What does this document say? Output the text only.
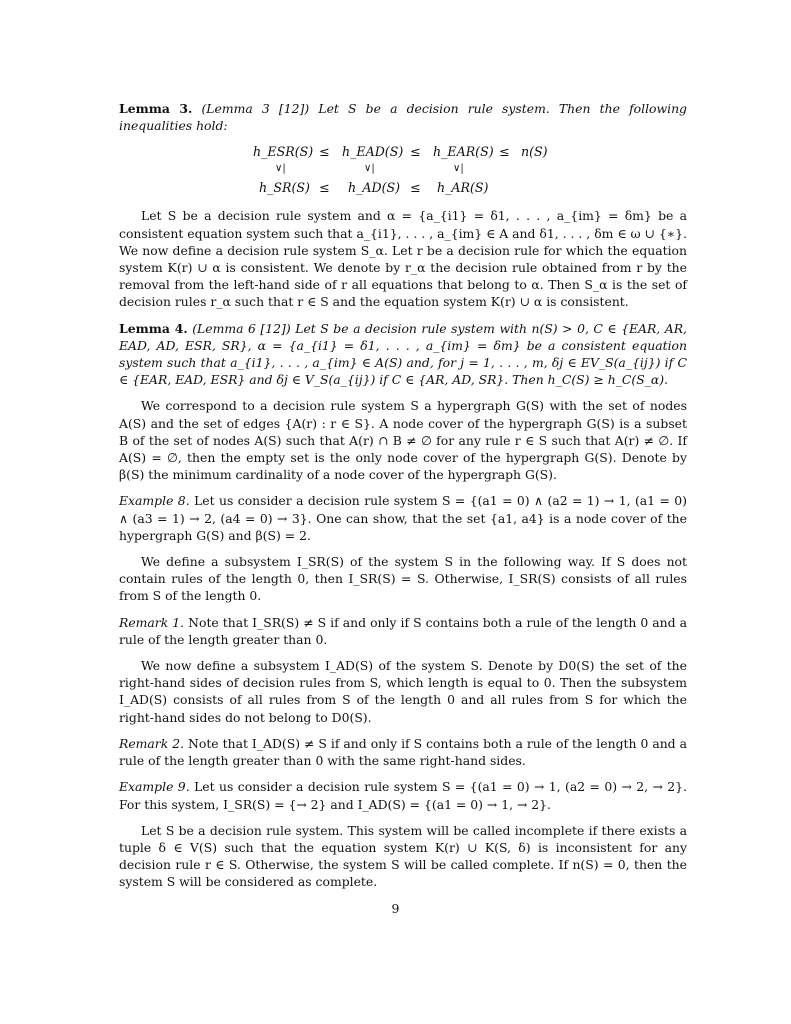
Lemma 3. (Lemma 3 [12]) Let S be a decision rule system. Then the following inequalities hold:

h_ESR(S) ≤ h_EAD(S) ≤ h_EAR(S) ≤ n(S)
∨|	∨|	∨|
h_SR(S) ≤ h_AD(S) ≤ h_AR(S)

Let S be a decision rule system and α = {a_{i1} = δ1, . . . , a_{im} = δm} be a consistent equation system such that a_{i1}, . . . , a_{im} ∈ A and δ1, . . . , δm ∈ ω ∪ {∗}. We now define a decision rule system S_α. Let r be a decision rule for which the equation system K(r) ∪ α is consistent. We denote by r_α the decision rule obtained from r by the removal from the left-hand side of r all equations that belong to α. Then S_α is the set of decision rules r_α such that r ∈ S and the equation system K(r) ∪ α is consistent.

Lemma 4. (Lemma 6 [12]) Let S be a decision rule system with n(S) > 0, C ∈ {EAR, AR, EAD, AD, ESR, SR}, α = {a_{i1} = δ1, . . . , a_{im} = δm} be a consistent equation system such that a_{i1}, . . . , a_{im} ∈ A(S) and, for j = 1, . . . , m, δj ∈ EV_S(a_{ij}) if C ∈ {EAR, EAD, ESR} and δj ∈ V_S(a_{ij}) if C ∈ {AR, AD, SR}. Then h_C(S) ≥ h_C(S_α).

We correspond to a decision rule system S a hypergraph G(S) with the set of nodes A(S) and the set of edges {A(r) : r ∈ S}. A node cover of the hypergraph G(S) is a subset B of the set of nodes A(S) such that A(r) ∩ B ≠ ∅ for any rule r ∈ S such that A(r) ≠ ∅. If A(S) = ∅, then the empty set is the only node cover of the hypergraph G(S). Denote by β(S) the minimum cardinality of a node cover of the hypergraph G(S).

Example 8. Let us consider a decision rule system S = {(a1 = 0) ∧ (a2 = 1) → 1, (a1 = 0) ∧ (a3 = 1) → 2, (a4 = 0) → 3}. One can show, that the set {a1, a4} is a node cover of the hypergraph G(S) and β(S) = 2.

We define a subsystem I_SR(S) of the system S in the following way. If S does not contain rules of the length 0, then I_SR(S) = S. Otherwise, I_SR(S) consists of all rules from S of the length 0.

Remark 1. Note that I_SR(S) ≠ S if and only if S contains both a rule of the length 0 and a rule of the length greater than 0.

We now define a subsystem I_AD(S) of the system S. Denote by D0(S) the set of the right-hand sides of decision rules from S, which length is equal to 0. Then the subsystem I_AD(S) consists of all rules from S of the length 0 and all rules from S for which the right-hand sides do not belong to D0(S).

Remark 2. Note that I_AD(S) ≠ S if and only if S contains both a rule of the length 0 and a rule of the length greater than 0 with the same right-hand sides.

Example 9. Let us consider a decision rule system S = {(a1 = 0) → 1, (a2 = 0) → 2, → 2}. For this system, I_SR(S) = {→ 2} and I_AD(S) = {(a1 = 0) → 1, → 2}.

Let S be a decision rule system. This system will be called incomplete if there exists a tuple δ ∈ V(S) such that the equation system K(r) ∪ K(S, δ) is inconsistent for any decision rule r ∈ S. Otherwise, the system S will be called complete. If n(S) = 0, then the system S will be considered as complete.

9
